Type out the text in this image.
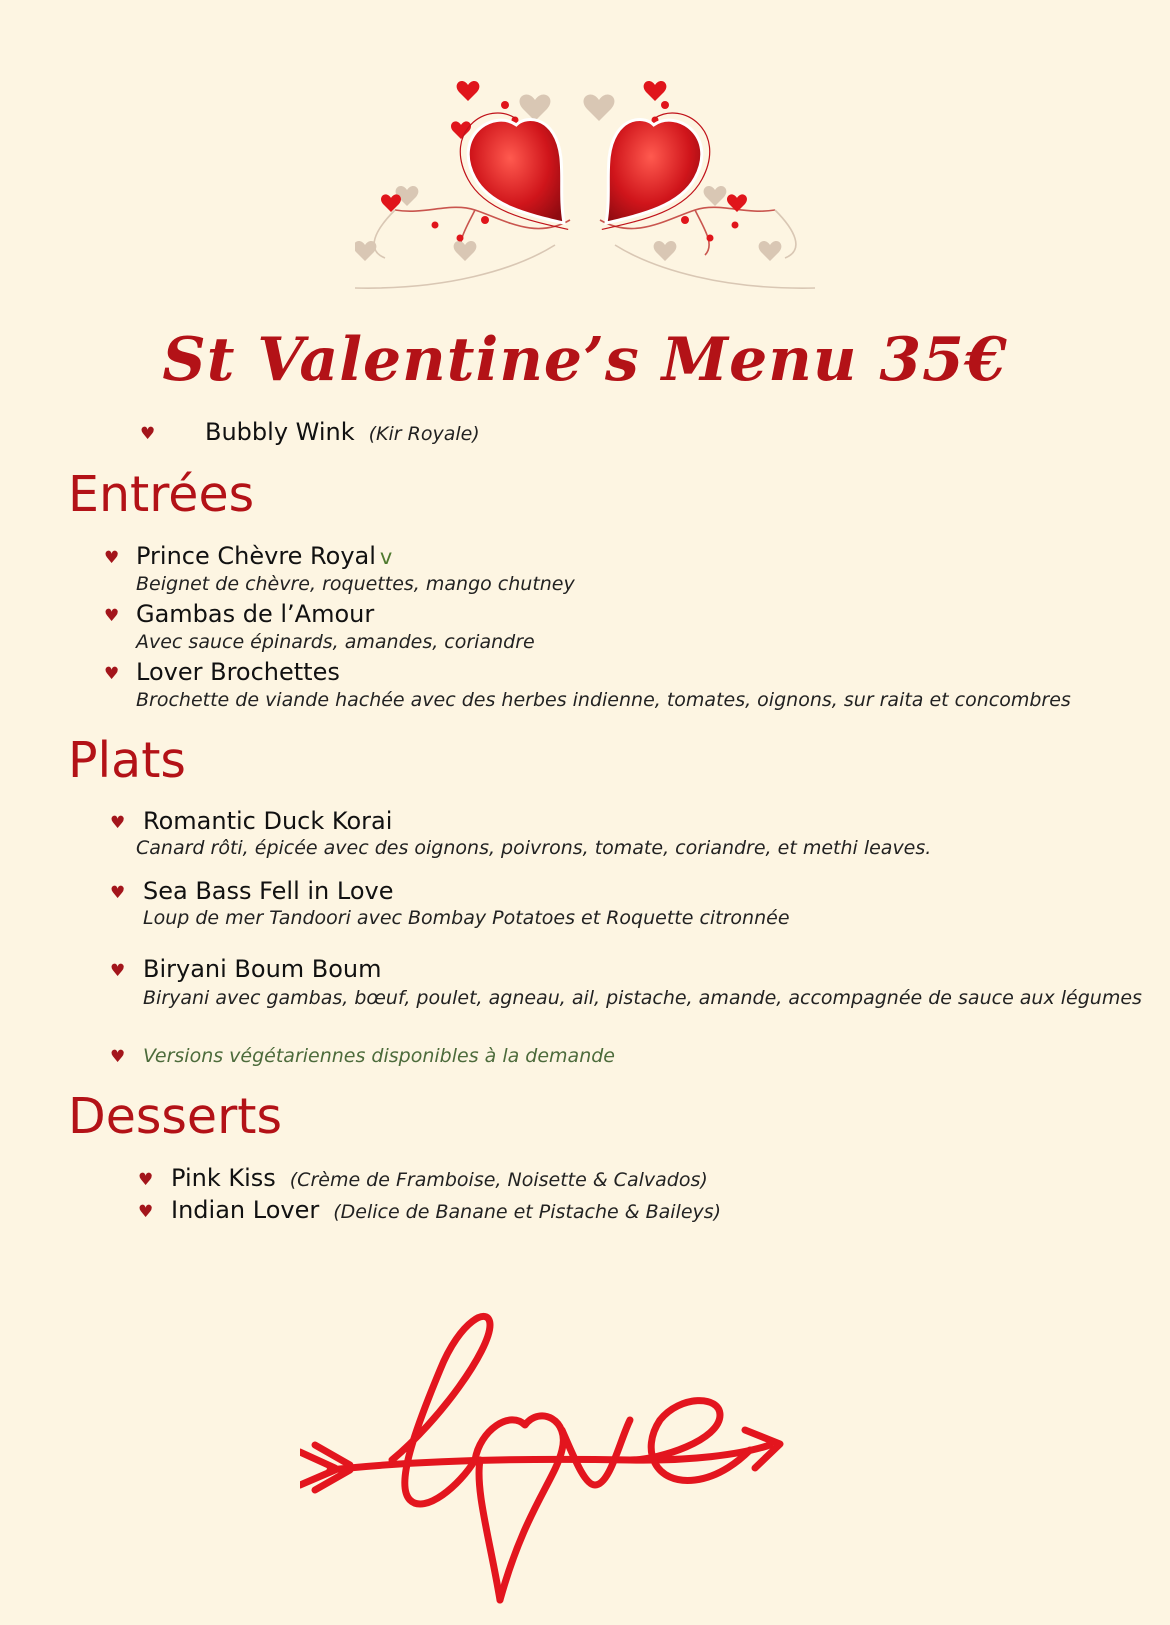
St Valentine’s Menu 35€
♥ Bubbly Wink (Kir Royale)
Entrées
♥ Prince Chèvre Royal v
Beignet de chèvre, roquettes, mango chutney
♥ Gambas de l’Amour
Avec sauce épinards, amandes, coriandre
♥ Lover Brochettes
Brochette de viande hachée avec des herbes indienne, tomates, oignons, sur raita et concombres
Plats
♥ Romantic Duck Korai
Canard rôti, épicée avec des oignons, poivrons, tomate, coriandre, et methi leaves.
♥ Sea Bass Fell in Love
Loup de mer Tandoori avec Bombay Potatoes et Roquette citronnée
♥ Biryani Boum Boum
Biryani avec gambas, bœuf, poulet, agneau, ail, pistache, amande, accompagnée de sauce aux légumes
♥ Versions végétariennes disponibles à la demande
Desserts
♥ Pink Kiss (Crème de Framboise, Noisette & Calvados)
♥ Indian Lover (Delice de Banane et Pistache & Baileys)
